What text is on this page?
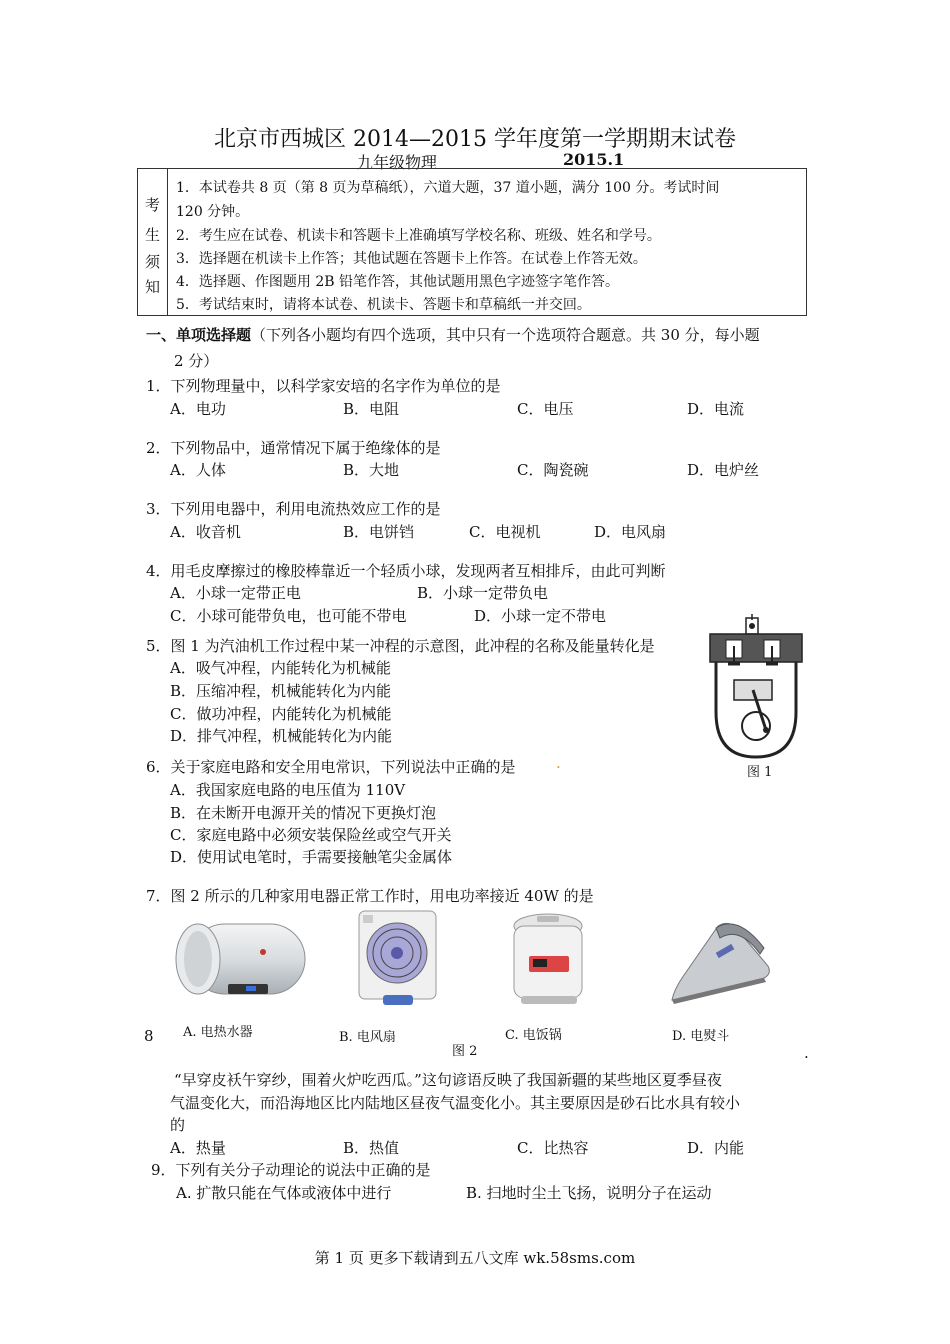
北京市西城区 2014—2015 学年度第一学期期末试卷
九年级物理	2015.1
考
生
须
知
1．本试卷共 8 页（第 8 页为草稿纸），六道大题，37 道小题，满分 100 分。考试时间
120 分钟。
2．考生应在试卷、机读卡和答题卡上准确填写学校名称、班级、姓名和学号。
3．选择题在机读卡上作答；其他试题在答题卡上作答。在试卷上作答无效。
4．选择题、作图题用 2B 铅笔作答，其他试题用黑色字迹签字笔作答。
5．考试结束时，请将本试卷、机读卡、答题卡和草稿纸一并交回。
一、单项选择题（下列各小题均有四个选项，其中只有一个选项符合题意。共 30 分，每小题
2 分）
1．下列物理量中，以科学家安培的名字作为单位的是
A．电功	B．电阻	C．电压	D．电流
2．下列物品中，通常情况下属于绝缘体的是
A．人体	B．大地	C．陶瓷碗	D．电炉丝
3．下列用电器中，利用电流热效应工作的是
A．收音机	B．电饼铛	C．电视机	D．电风扇
4．用毛皮摩擦过的橡胶棒靠近一个轻质小球，发现两者互相排斥，由此可判断
A．小球一定带正电	B．小球一定带负电
C．小球可能带负电，也可能不带电	D．小球一定不带电
5．图 1 为汽油机工作过程中某一冲程的示意图，此冲程的名称及能量转化是
A．吸气冲程，内能转化为机械能
B．压缩冲程，机械能转化为内能
C．做功冲程，内能转化为机械能
D．排气冲程，机械能转化为内能
图 1
6．关于家庭电路和安全用电常识，下列说法中正确的是	.
A．我国家庭电路的电压值为 110V
B．在未断开电源开关的情况下更换灯泡
C．家庭电路中必须安装保险丝或空气开关
D．使用试电笔时，手需要接触笔尖金属体
7．图 2 所示的几种家用电器正常工作时，用电功率接近 40W 的是
8 A. 电热水器	B. 电风扇	C. 电饭锅	D. 电熨斗
图 2	.
“早穿皮袄午穿纱，围着火炉吃西瓜。”这句谚语反映了我国新疆的某些地区夏季昼夜
气温变化大，而沿海地区比内陆地区昼夜气温变化小。其主要原因是砂石比水具有较小
的
A．热量	B．热值	C．比热容	D．内能
9．下列有关分子动理论的说法中正确的是
A. 扩散只能在气体或液体中进行	B. 扫地时尘土飞扬，说明分子在运动
第 1 页 更多下载请到五八文库 wk.58sms.com
